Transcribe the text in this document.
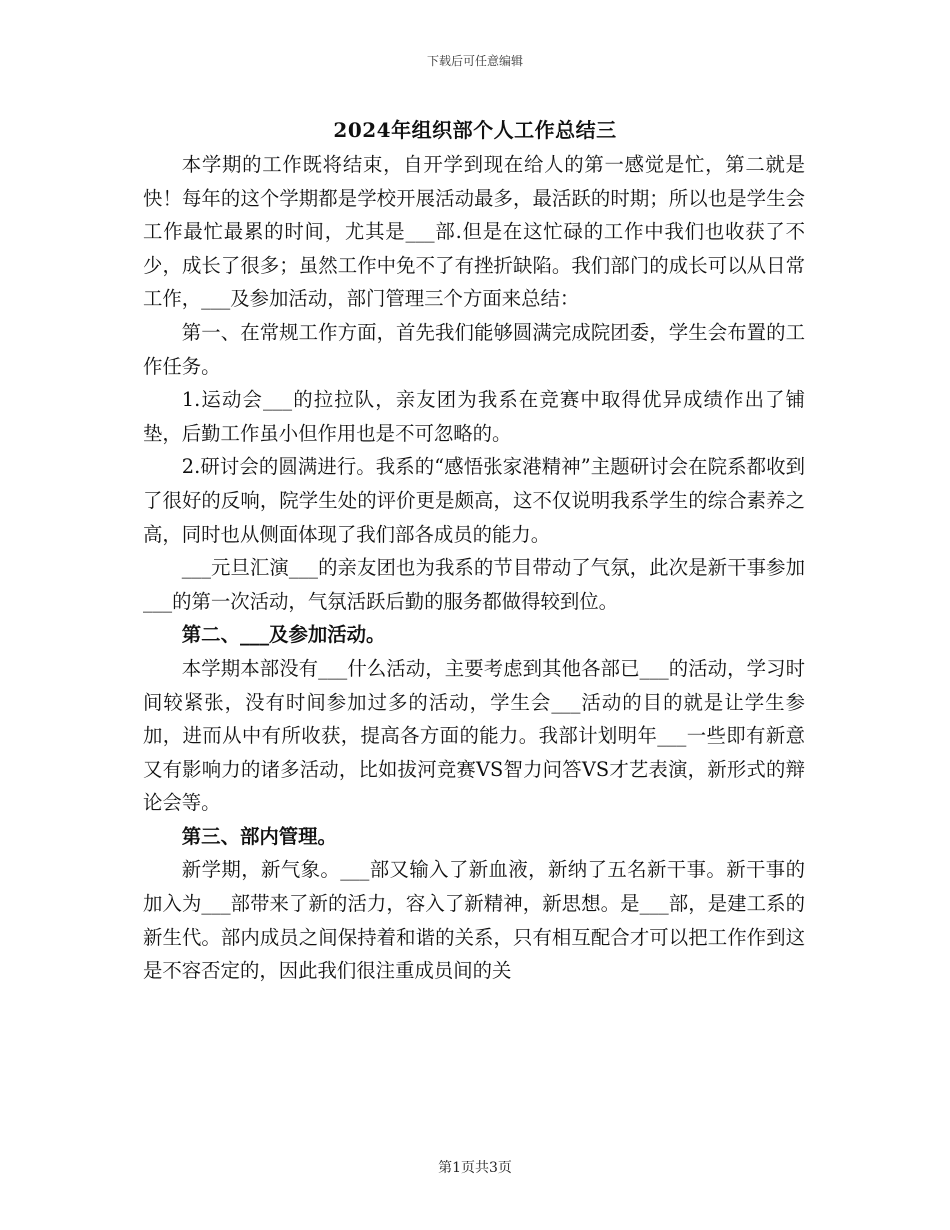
下载后可任意编辑
2024年组织部个人工作总结三

本学期的工作既将结束，自开学到现在给人的第一感觉是忙，第二就是快！每年的这个学期都是学校开展活动最多，最活跃的时期；所以也是学生会工作最忙最累的时间，尤其是___部.但是在这忙碌的工作中我们也收获了不少，成长了很多；虽然工作中免不了有挫折缺陷。我们部门的成长可以从日常工作，___及参加活动，部门管理三个方面来总结：

第一、在常规工作方面，首先我们能够圆满完成院团委，学生会布置的工作任务。

1.运动会___的拉拉队，亲友团为我系在竞赛中取得优异成绩作出了铺垫，后勤工作虽小但作用也是不可忽略的。

2.研讨会的圆满进行。我系的“感悟张家港精神”主题研讨会在院系都收到了很好的反响，院学生处的评价更是颇高，这不仅说明我系学生的综合素养之高，同时也从侧面体现了我们部各成员的能力。

___元旦汇演___的亲友团也为我系的节目带动了气氛，此次是新干事参加___的第一次活动，气氛活跃后勤的服务都做得较到位。

第二、___及参加活动。

本学期本部没有___什么活动，主要考虑到其他各部已___的活动，学习时间较紧张，没有时间参加过多的活动，学生会___活动的目的就是让学生参加，进而从中有所收获，提高各方面的能力。我部计划明年___一些即有新意又有影响力的诸多活动，比如拔河竞赛VS智力问答VS才艺表演，新形式的辩论会等。

第三、部内管理。

新学期，新气象。___部又输入了新血液，新纳了五名新干事。新干事的加入为___部带来了新的活力，容入了新精神，新思想。是___部，是建工系的新生代。部内成员之间保持着和谐的关系，只有相互配合才可以把工作作到这是不容否定的，因此我们很注重成员间的关

第1页共3页
